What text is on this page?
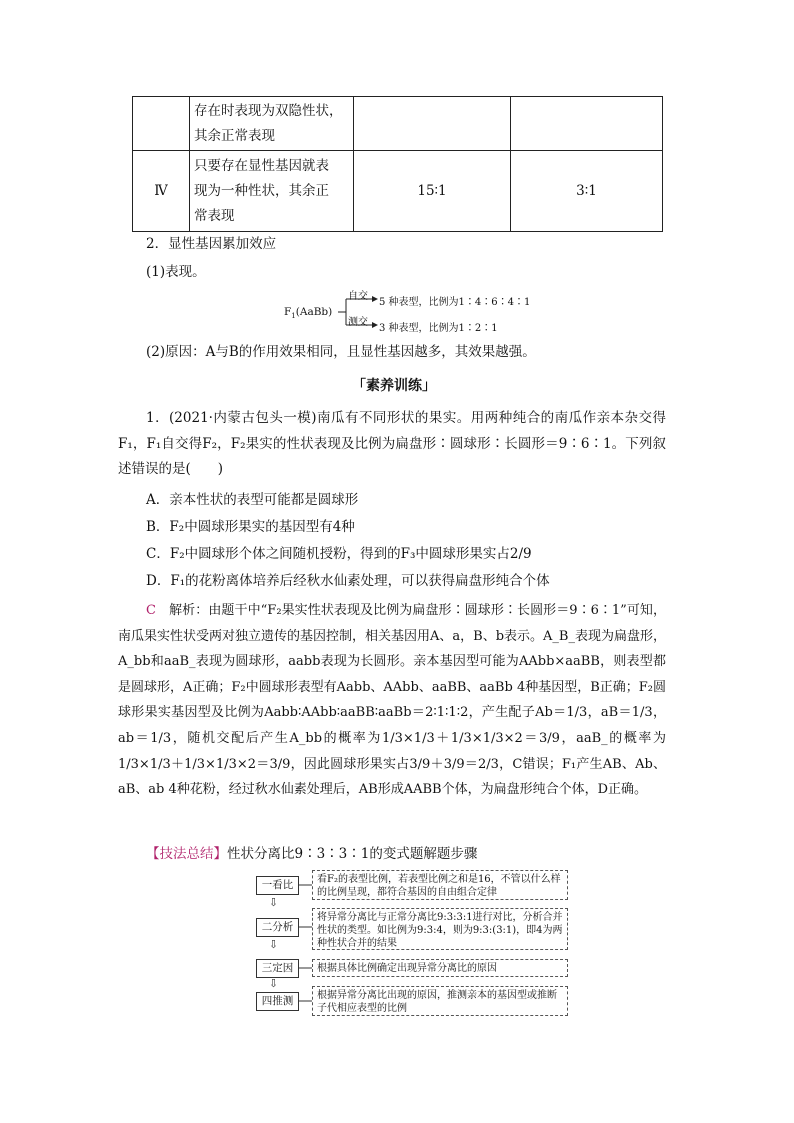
	存在时表现为双隐性状，
其余正常表现		

Ⅳ	只要存在显性基因就表
现为一种性状，其余正
常表现	15∶1	3∶1
2．显性基因累加效应
(1)表现。
$F_1(AaBb)$
自交
测交
5 种表型，比例为1∶4∶6∶4∶1
3 种表型，比例为1∶2∶1
(2)原因：A与B的作用效果相同，且显性基因越多，其效果越强。
「素养训练」
1．(2021·内蒙古包头一模)南瓜有不同形状的果实。用两种纯合的南瓜作亲本杂交得F₁，F₁自交得F₂，F₂果实的性状表现及比例为扁盘形∶圆球形∶长圆形＝9∶6∶1。下列叙述错误的是(　　)
A．亲本性状的表型可能都是圆球形
B．F₂中圆球形果实的基因型有4种
C．F₂中圆球形个体之间随机授粉，得到的F₃中圆球形果实占2/9
D．F₁的花粉离体培养后经秋水仙素处理，可以获得扁盘形纯合个体
C　解析：由题干中“F₂果实性状表现及比例为扁盘形∶圆球形∶长圆形＝9∶6∶1”可知，南瓜果实性状受两对独立遗传的基因控制，相关基因用A、a，B、b表示。A_B_表现为扁盘形，A_bb和aaB_表现为圆球形，aabb表现为长圆形。亲本基因型可能为AAbb×aaBB，则表型都是圆球形，A正确；F₂中圆球形表型有Aabb、AAbb、aaBB、aaBb 4种基因型，B正确；F₂圆球形果实基因型及比例为Aabb∶AAbb∶aaBB∶aaBb＝2∶1∶1∶2，产生配子Ab＝1/3，aB＝1/3，ab＝1/3，随机交配后产生A_bb的概率为1/3×1/3＋1/3×1/3×2＝3/9，aaB_的概率为1/3×1/3＋1/3×1/3×2＝3/9，因此圆球形果实占3/9＋3/9＝2/3，C错误；F₁产生AB、Ab、aB、ab 4种花粉，经过秋水仙素处理后，AB形成AABB个体，为扁盘形纯合个体，D正确。
【技法总结】性状分离比9∶3∶3∶1的变式题解题步骤
一看比
⇩
二分析
⇩
三定因
⇩
四推测
看F₂的表型比例，若表型比例之和是16，不管以什么样的比例呈现，都符合基因的自由组合定律
将异常分离比与正常分离比9:3:3:1进行对比，分析合并性状的类型。如比例为9:3:4，则为9:3:(3:1)，即4为两种性状合并的结果
根据具体比例确定出现异常分离比的原因
根据异常分离比出现的原因，推测亲本的基因型或推断子代相应表型的比例
